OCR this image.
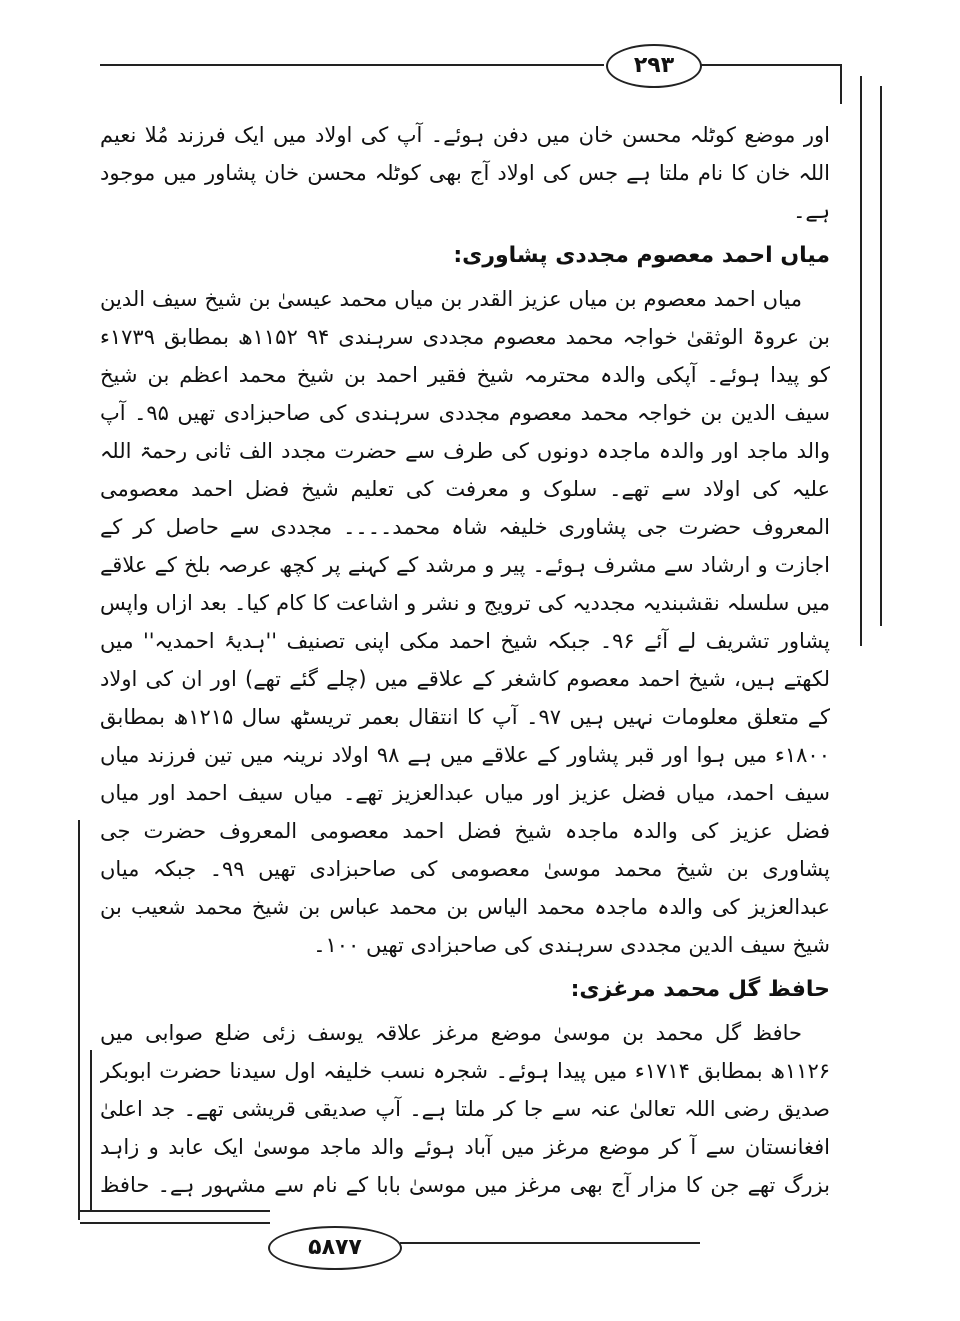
۲۹۳
۵۸۷۷

اور موضع کوٹلہ محسن خان میں دفن ہوئے۔ آپ کی اولاد میں ایک فرزند مُلا نعیم اللہ خان کا نام ملتا ہے جس کی اولاد آج بھی کوٹلہ محسن خان پشاور میں موجود ہے۔

میاں احمد معصوم مجددی پشاوری:

میاں احمد معصوم بن میاں عزیز القدر بن میاں محمد عیسیٰ بن شیخ سیف الدین بن عروۃ الوثقیٰ خواجہ محمد معصوم مجددی سرہندی ۹۴ ۱۱۵۲ھ بمطابق ۱۷۳۹ء کو پیدا ہوئے۔ آپکی والدہ محترمہ شیخ فقیر احمد بن شیخ محمد اعظم بن شیخ سیف الدین بن خواجہ محمد معصوم مجددی سرہندی کی صاحبزادی تھیں ۹۵۔ آپ والد ماجد اور والدہ ماجدہ دونوں کی طرف سے حضرت مجدد الف ثانی رحمۃ اللہ علیہ کی اولاد سے تھے۔ سلوک و معرفت کی تعلیم شیخ فضل احمد معصومی المعروف حضرت جی پشاوری خلیفہ شاہ محمد۔۔۔۔ مجددی سے حاصل کر کے اجازت و ارشاد سے مشرف ہوئے۔ پیر و مرشد کے کہنے پر کچھ عرصہ بلخ کے علاقے میں سلسلہ نقشبندیہ مجددیہ کی ترویج و نشر و اشاعت کا کام کیا۔ بعد ازاں واپس پشاور تشریف لے آئے ۹۶۔ جبکہ شیخ احمد مکی اپنی تصنیف ''ہدیۂ احمدیہ'' میں لکھتے ہیں، شیخ احمد معصوم کاشغر کے علاقے میں (چلے گئے تھے) اور ان کی اولاد کے متعلق معلومات نہیں ہیں ۹۷۔ آپ کا انتقال بعمر تریسٹھ سال ۱۲۱۵ھ بمطابق ۱۸۰۰ء میں ہوا اور قبر پشاور کے علاقے میں ہے ۹۸ اولاد نرینہ میں تین فرزند میاں سیف احمد، میاں فضل عزیز اور میاں عبدالعزیز تھے۔ میاں سیف احمد اور میاں فضل عزیز کی والدہ ماجدہ شیخ فضل احمد معصومی المعروف حضرت جی پشاوری بن شیخ محمد موسیٰ معصومی کی صاحبزادی تھیں ۹۹۔ جبکہ میاں عبدالعزیز کی والدہ ماجدہ محمد الیاس بن محمد عباس بن شیخ محمد شعیب بن شیخ سیف الدین مجددی سرہندی کی صاحبزادی تھیں ۱۰۰۔

حافظ گل محمد مرغزی:

حافظ گل محمد بن موسیٰ موضع مرغز علاقہ یوسف زئی ضلع صوابی میں ۱۱۲۶ھ بمطابق ۱۷۱۴ء میں پیدا ہوئے۔ شجرہ نسب خلیفہ اول سیدنا حضرت ابوبکر صدیق رضی اللہ تعالیٰ عنہ سے جا کر ملتا ہے۔ آپ صدیقی قریشی تھے۔ جد اعلیٰ افغانستان سے آ کر موضع مرغز میں آباد ہوئے والد ماجد موسیٰ ایک عابد و زاہد بزرگ تھے جن کا مزار آج بھی مرغز میں موسیٰ بابا کے نام سے مشہور ہے۔ حافظ
